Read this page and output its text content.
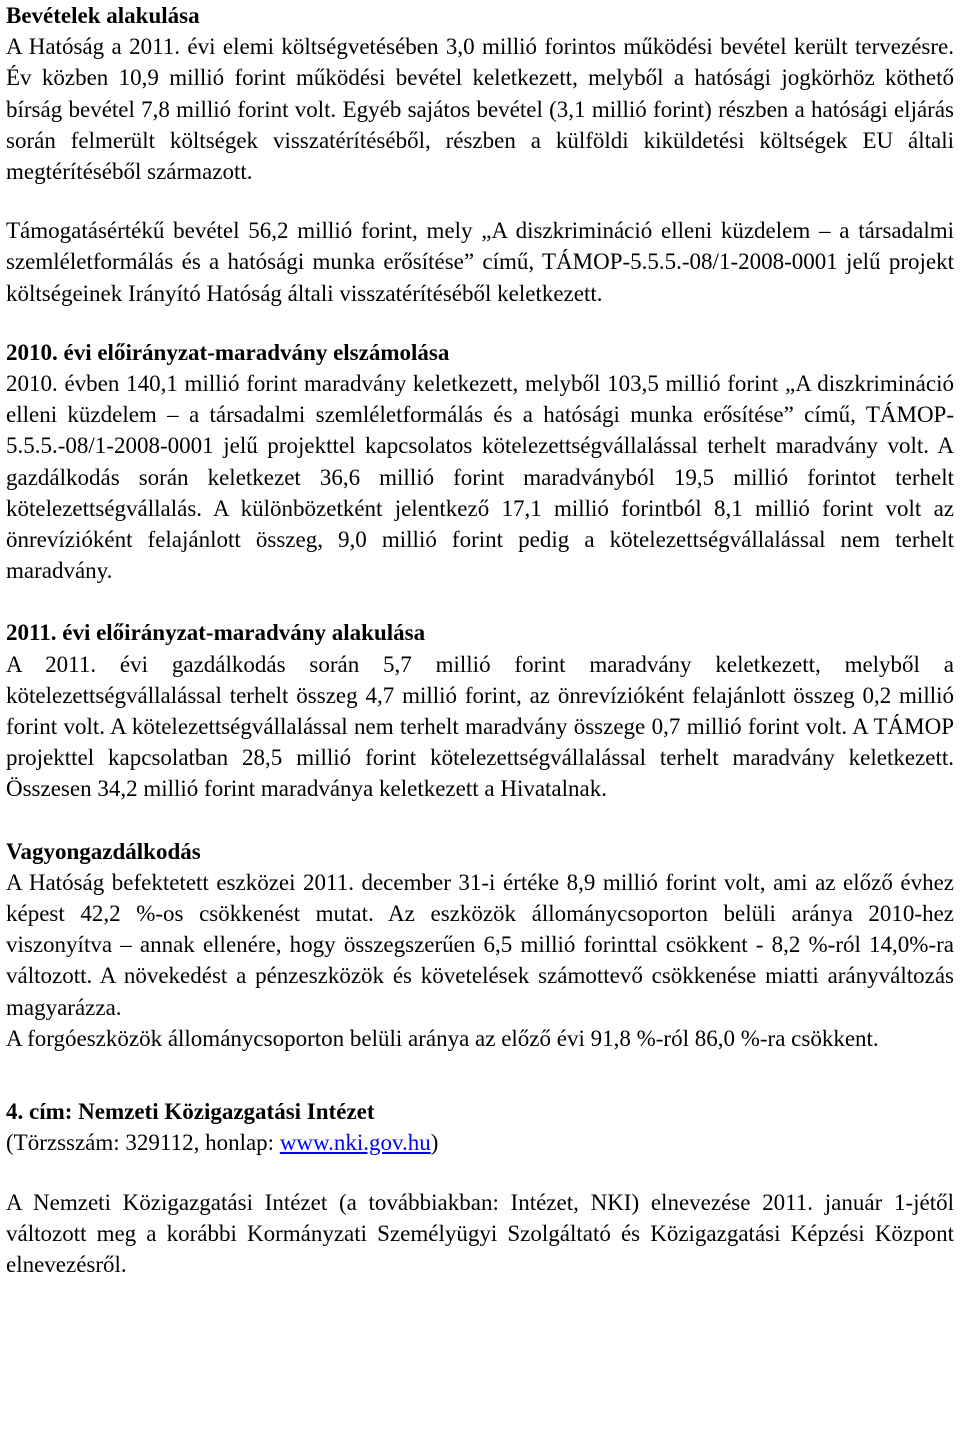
Bevételek alakulása

A Hatóság a 2011. évi elemi költségvetésében 3,0 millió forintos működési bevétel került tervezésre. Év közben 10,9 millió forint működési bevétel keletkezett, melyből a hatósági jogkörhöz köthető bírság bevétel 7,8 millió forint volt. Egyéb sajátos bevétel (3,1 millió forint) részben a hatósági eljárás során felmerült költségek visszatérítéséből, részben a külföldi kiküldetési költségek EU általi megtérítéséből származott.

Támogatásértékű bevétel 56,2 millió forint, mely „A diszkrimináció elleni küzdelem – a társadalmi szemléletformálás és a hatósági munka erősítése” című, TÁMOP-5.5.5.-08/1-2008-0001 jelű projekt költségeinek Irányító Hatóság általi visszatérítéséből keletkezett.

2010. évi előirányzat-maradvány elszámolása

2010. évben 140,1 millió forint maradvány keletkezett, melyből 103,5 millió forint „A diszkrimináció elleni küzdelem – a társadalmi szemléletformálás és a hatósági munka erősítése” című, TÁMOP-5.5.5.-08/1-2008-0001 jelű projekttel kapcsolatos kötelezettségvállalással terhelt maradvány volt. A gazdálkodás során keletkezet 36,6 millió forint maradványból 19,5 millió forintot terhelt kötelezettségvállalás. A különbözetként jelentkező 17,1 millió forintból 8,1 millió forint volt az önrevízióként felajánlott összeg, 9,0 millió forint pedig a kötelezettségvállalással nem terhelt maradvány.

2011. évi előirányzat-maradvány alakulása

A 2011. évi gazdálkodás során 5,7 millió forint maradvány keletkezett, melyből a kötelezettségvállalással terhelt összeg 4,7 millió forint, az önrevízióként felajánlott összeg 0,2 millió forint volt. A kötelezettségvállalással nem terhelt maradvány összege 0,7 millió forint volt. A TÁMOP projekttel kapcsolatban 28,5 millió forint kötelezettségvállalással terhelt maradvány keletkezett. Összesen 34,2 millió forint maradványa keletkezett a Hivatalnak.

Vagyongazdálkodás

A Hatóság befektetett eszközei 2011. december 31-i értéke 8,9 millió forint volt, ami az előző évhez képest 42,2 %-os csökkenést mutat. Az eszközök állománycsoporton belüli aránya 2010-hez viszonyítva – annak ellenére, hogy összegszerűen 6,5 millió forinttal csökkent - 8,2 %-ról 14,0%-ra változott. A növekedést a pénzeszközök és követelések számottevő csökkenése miatti arányváltozás magyarázza.

A forgóeszközök állománycsoporton belüli aránya az előző évi 91,8 %-ról 86,0 %-ra csökkent.

4. cím: Nemzeti Közigazgatási Intézet

(Törzsszám: 329112, honlap: www.nki.gov.hu)

A Nemzeti Közigazgatási Intézet (a továbbiakban: Intézet, NKI) elnevezése 2011. január 1-jétől változott meg a korábbi Kormányzati Személyügyi Szolgáltató és Közigazgatási Képzési Központ elnevezésről.
